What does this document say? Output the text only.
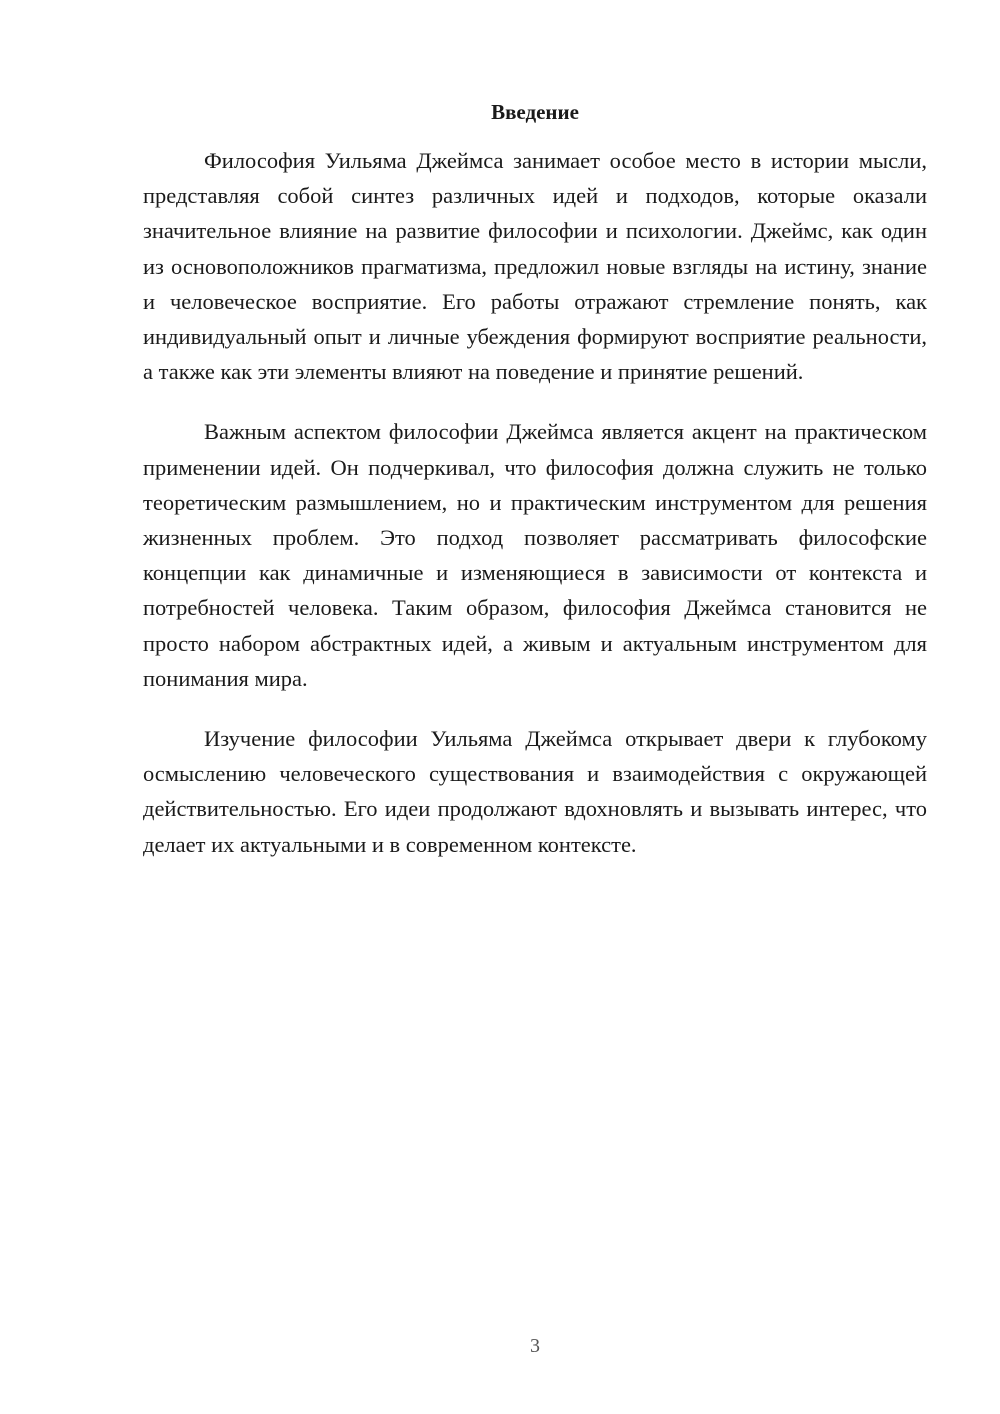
Введение

Философия Уильяма Джеймса занимает особое место в истории мысли, представляя собой синтез различных идей и подходов, которые оказали значительное влияние на развитие философии и психологии. Джеймс, как один из основоположников прагматизма, предложил новые взгляды на истину, знание и человеческое восприятие. Его работы отражают стремление понять, как индивидуальный опыт и личные убеждения формируют восприятие реальности, а также как эти элементы влияют на поведение и принятие решений.

Важным аспектом философии Джеймса является акцент на практическом применении идей. Он подчеркивал, что философия должна служить не только теоретическим размышлением, но и практическим инструментом для решения жизненных проблем. Это подход позволяет рассматривать философские концепции как динамичные и изменяющиеся в зависимости от контекста и потребностей человека. Таким образом, философия Джеймса становится не просто набором абстрактных идей, а живым и актуальным инструментом для понимания мира.

Изучение философии Уильяма Джеймса открывает двери к глубокому осмыслению человеческого существования и взаимодействия с окружающей действительностью. Его идеи продолжают вдохновлять и вызывать интерес, что делает их актуальными и в современном контексте.

3
